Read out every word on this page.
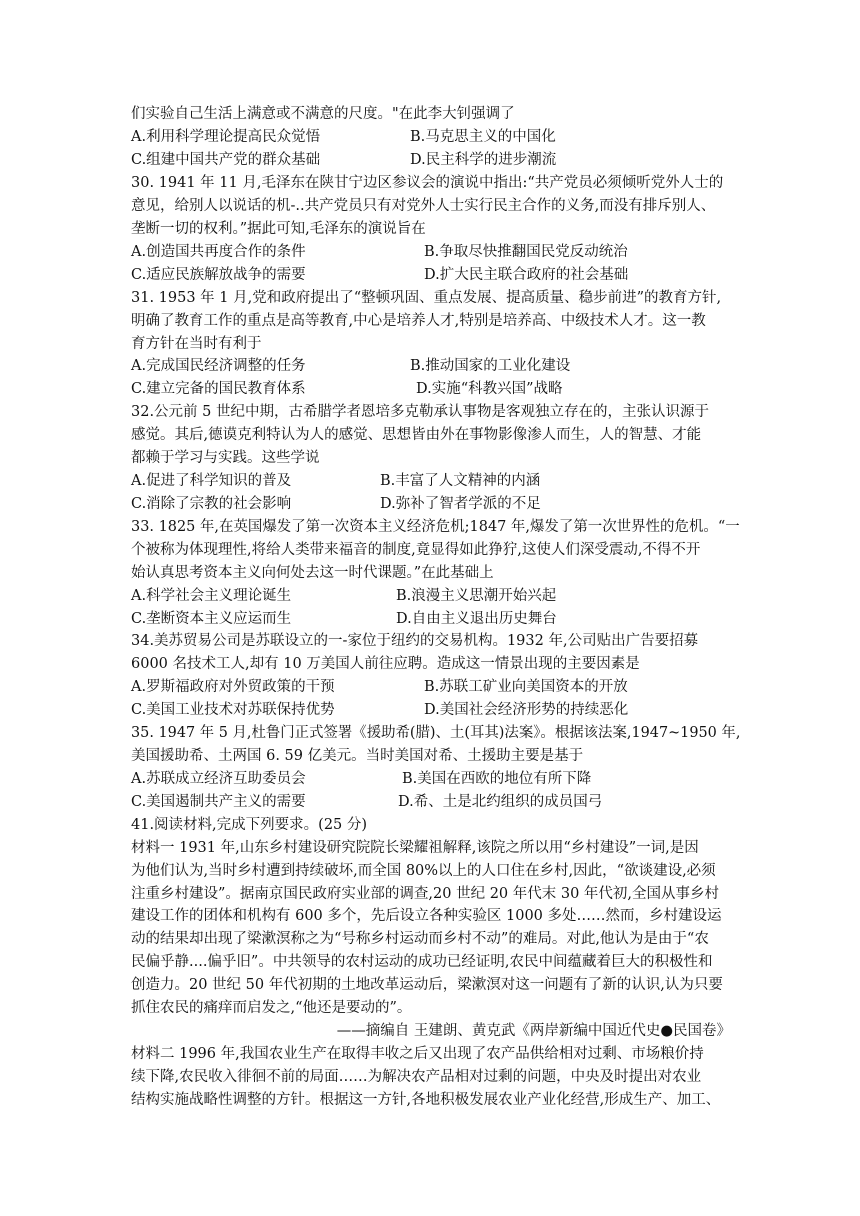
们实验自己生活上满意或不满意的尺度。"在此李大钊强调了
A.利用科学理论提高民众觉悟	B.马克思主义的中国化
C.组建中国共产党的群众基础	D.民主科学的进步潮流
30. 1941 年 11 月,毛泽东在陕甘宁边区参议会的演说中指出:“共产党员必须倾听党外人士的
意见，给别人以说话的机-..共产党员只有对党外人士实行民主合作的义务,而没有排斥别人、
垄断一切的权利。”据此可知,毛泽东的演说旨在
A.创造国共再度合作的条件	B.争取尽快推翻国民党反动统治
C.适应民族解放战争的需要	D.扩大民主联合政府的社会基础
31. 1953 年 1 月,党和政府提出了“整顿巩固、重点发展、提高质量、稳步前进”的教育方针,
明确了教育工作的重点是高等教育,中心是培养人才,特别是培养高、中级技术人才。这一教
育方针在当时有利于
A.完成国民经济调整的任务	B.推动国家的工业化建设
C.建立完备的国民教育体系	D.实施“科教兴国”战略
32.公元前 5 世纪中期，古希腊学者恩培多克勒承认事物是客观独立存在的，主张认识源于
感觉。其后,德谟克利特认为人的感觉、思想皆由外在事物影像渗人而生，人的智慧、才能
都赖于学习与实践。这些学说
A.促进了科学知识的普及	B.丰富了人文精神的内涵
C.消除了宗教的社会影响	D.弥补了智者学派的不足
33. 1825 年,在英国爆发了第一次资本主义经济危机;1847 年,爆发了第一次世界性的危机。“一
个被称为体现理性,将给人类带来福音的制度,竟显得如此狰狞,这使人们深受震动,不得不开
始认真思考资本主义向何处去这一时代课题。”在此基础上
A.科学社会主义理论诞生	B.浪漫主义思潮开始兴起
C.垄断资本主义应运而生	D.自由主义退出历史舞台
34.美苏贸易公司是苏联设立的一-家位于纽约的交易机构。1932 年,公司贴出广告要招募
6000 名技术工人,却有 10 万美国人前往应聘。造成这一情景出现的主要因素是
A.罗斯福政府对外贸政策的干预	B.苏联工矿业向美国资本的开放
C.美国工业技术对苏联保持优势	D.美国社会经济形势的持续恶化
35. 1947 年 5 月,杜鲁门正式签署《援助希(腊)、土(耳其)法案》。根据该法案,1947~1950 年,
美国援助希、土两国 6. 59 亿美元。当时美国对希、土援助主要是基于
A.苏联成立经济互助委员会	B.美国在西欧的地位有所下降
C.美国遏制共产主义的需要	D.希、土是北约组织的成员国弓
41.阅读材料,完成下列要求。(25 分)
材料一 1931 年,山东乡村建设研究院院长梁耀祖解释,该院之所以用“乡村建设”一词,是因
为他们认为,当时乡村遭到持续破坏,而全国 80%以上的人口住在乡村,因此，“欲谈建设,必须
注重乡村建设”。据南京国民政府实业部的调查,20 世纪 20 年代末 30 年代初,全国从事乡村
建设工作的团体和机构有 600 多个，先后设立各种实验区 1000 多处……然而，乡村建设运
动的结果却出现了梁漱溟称之为“号称乡村运动而乡村不动”的难局。对此,他认为是由于“农
民偏乎静....偏乎旧”。中共领导的农村运动的成功已经证明,农民中间蕴藏着巨大的积极性和
创造力。20 世纪 50 年代初期的土地改革运动后，梁漱溟对这一问题有了新的认识,认为只要
抓住农民的痛痒而启发之,“他还是要动的”。
——摘编自 王建朗、黄克武《两岸新编中国近代史●民国卷》
材料二 1996 年,我国农业生产在取得丰收之后又出现了农产品供给相对过剩、市场粮价持
续下降,农民收入徘徊不前的局面……为解决农产品相对过剩的问题，中央及时提出对农业
结构实施战略性调整的方针。根据这一方针,各地积极发展农业产业化经营,形成生产、加工、
